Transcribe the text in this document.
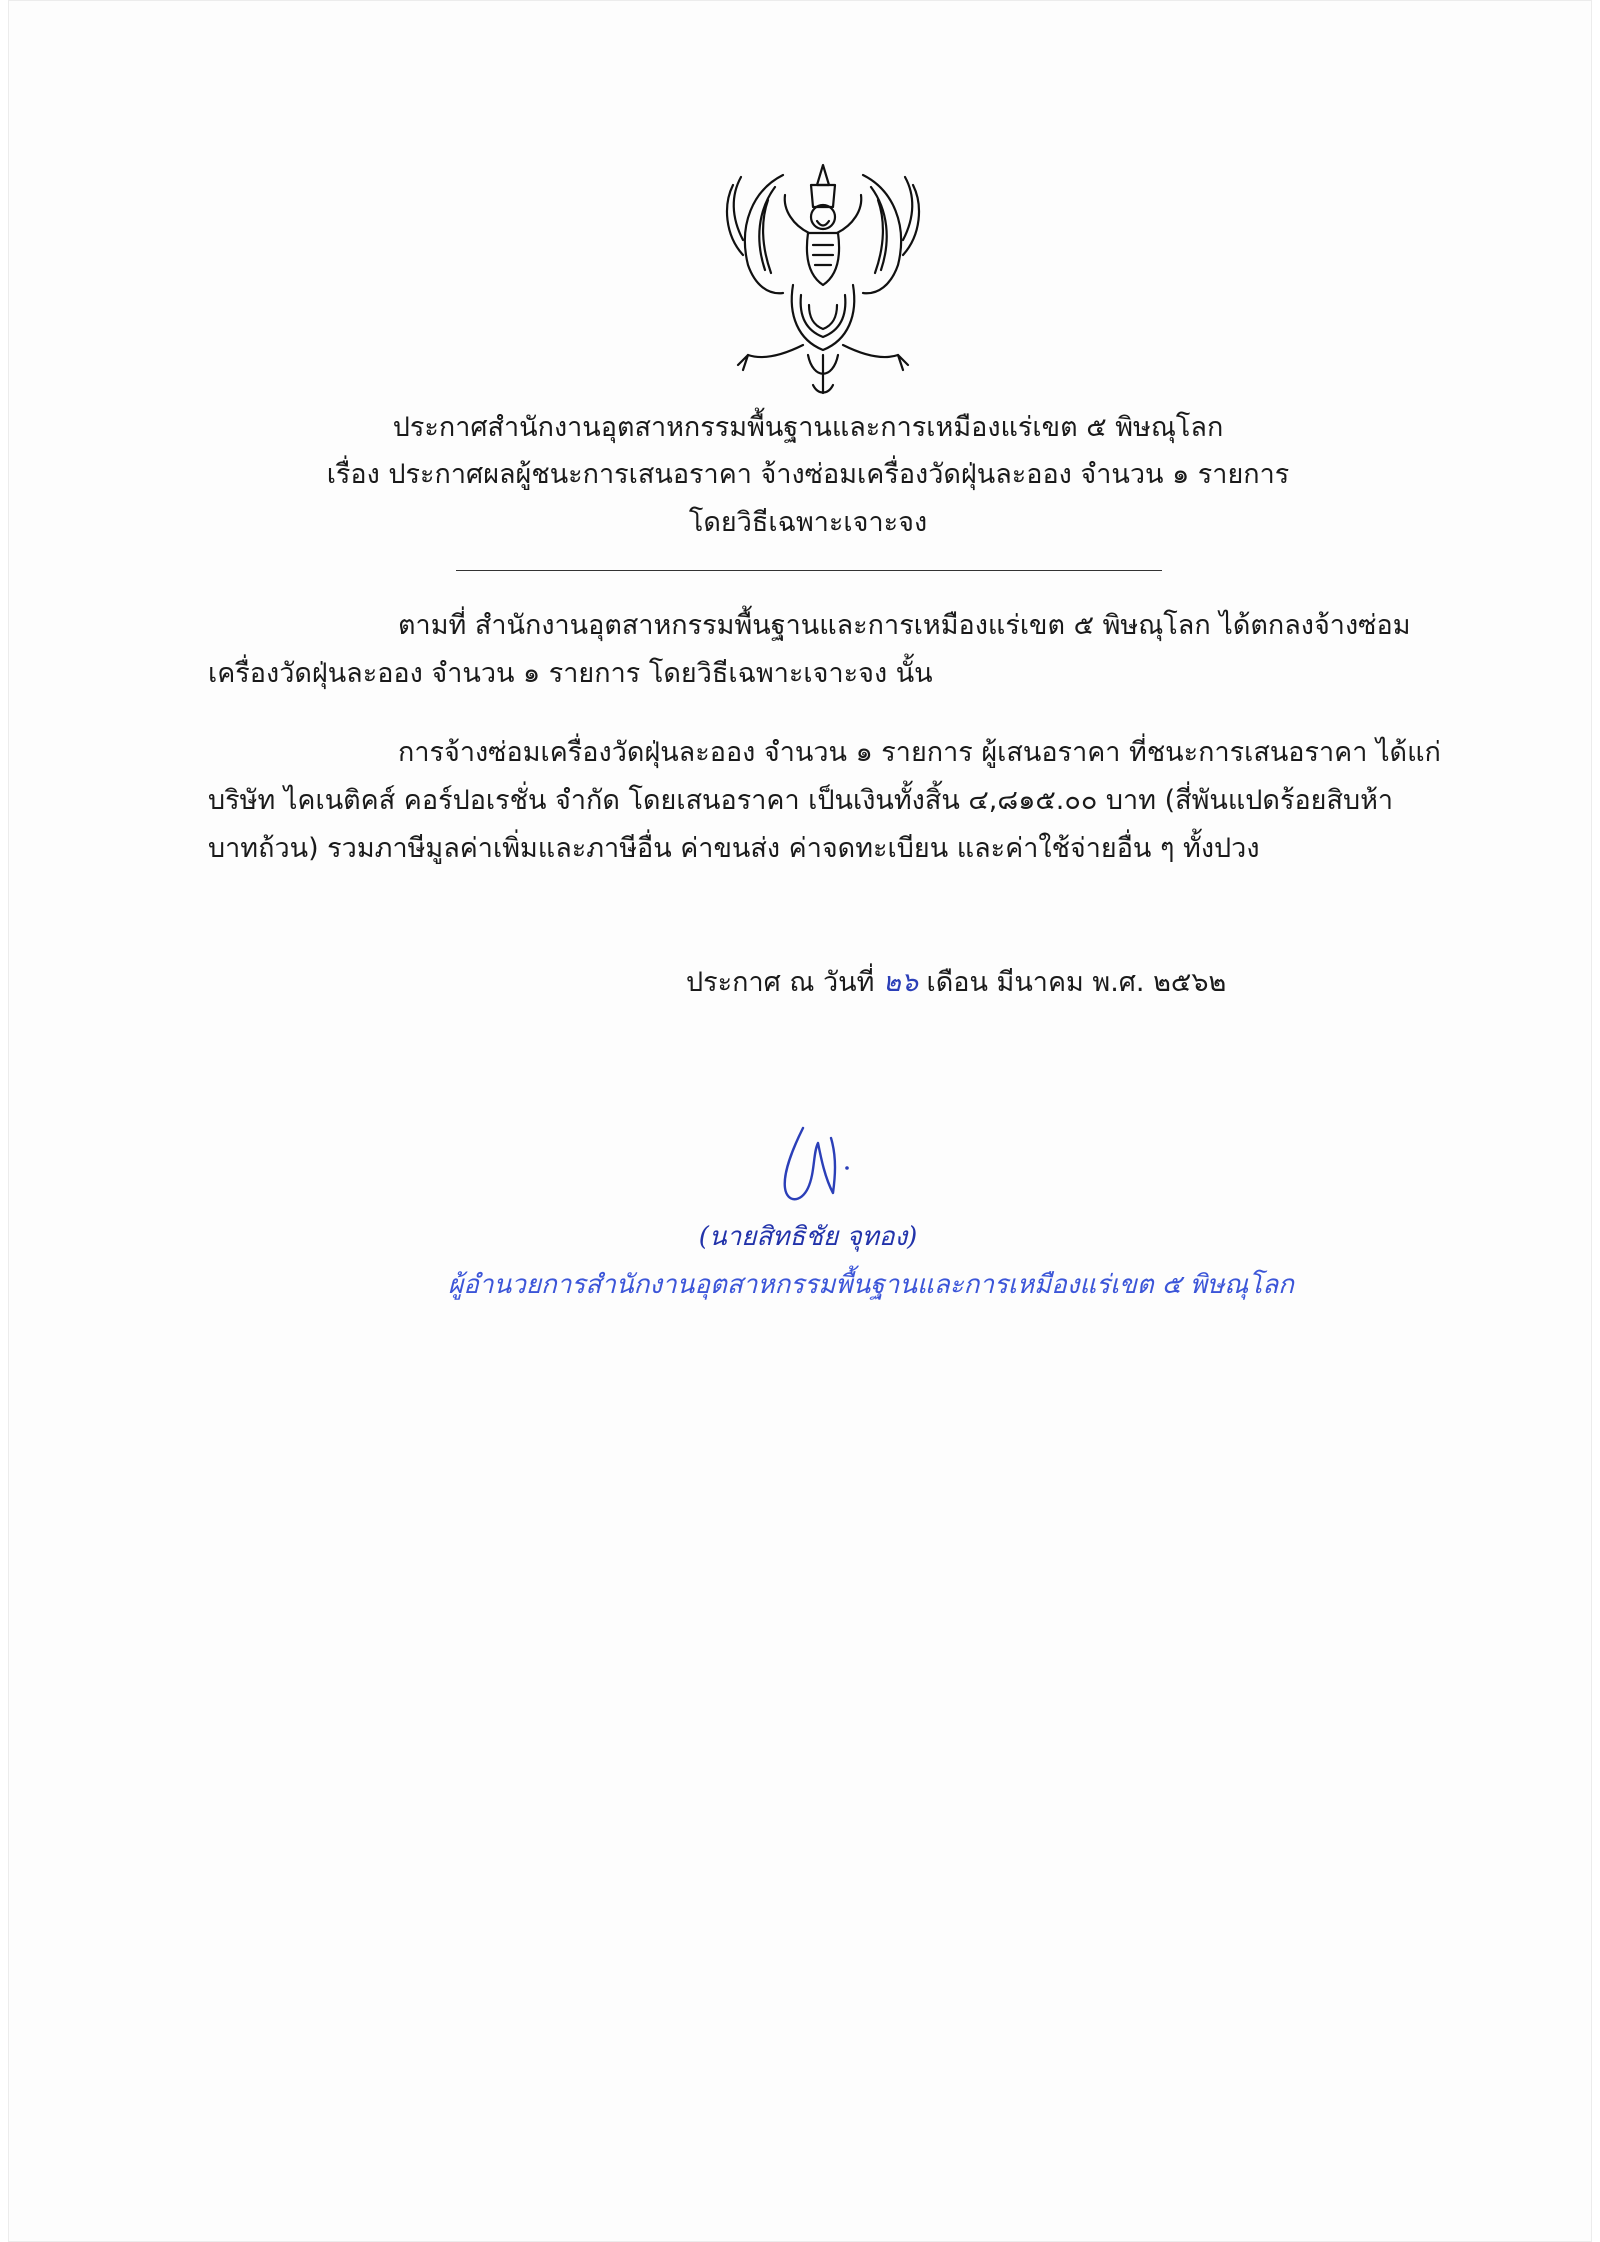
ประกาศสำนักงานอุตสาหกรรมพื้นฐานและการเหมืองแร่เขต ๕ พิษณุโลก
เรื่อง ประกาศผลผู้ชนะการเสนอราคา จ้างซ่อมเครื่องวัดฝุ่นละออง จำนวน ๑ รายการ
โดยวิธีเฉพาะเจาะจง
ตามที่ สำนักงานอุตสาหกรรมพื้นฐานและการเหมืองแร่เขต ๕ พิษณุโลก ได้ตกลงจ้างซ่อม
เครื่องวัดฝุ่นละออง จำนวน ๑ รายการ โดยวิธีเฉพาะเจาะจง นั้น
การจ้างซ่อมเครื่องวัดฝุ่นละออง จำนวน ๑ รายการ ผู้เสนอราคา ที่ชนะการเสนอราคา ได้แก่
บริษัท ไคเนติคส์ คอร์ปอเรชั่น จำกัด โดยเสนอราคา เป็นเงินทั้งสิ้น ๔,๘๑๕.๐๐ บาท (สี่พันแปดร้อยสิบห้า
บาทถ้วน) รวมภาษีมูลค่าเพิ่มและภาษีอื่น ค่าขนส่ง ค่าจดทะเบียน และค่าใช้จ่ายอื่น ๆ ทั้งปวง
ประกาศ ณ วันที่ ๒๖ เดือน มีนาคม พ.ศ. ๒๕๖๒
(นายสิทธิชัย จุทอง)
ผู้อำนวยการสำนักงานอุตสาหกรรมพื้นฐานและการเหมืองแร่เขต ๕ พิษณุโลก
